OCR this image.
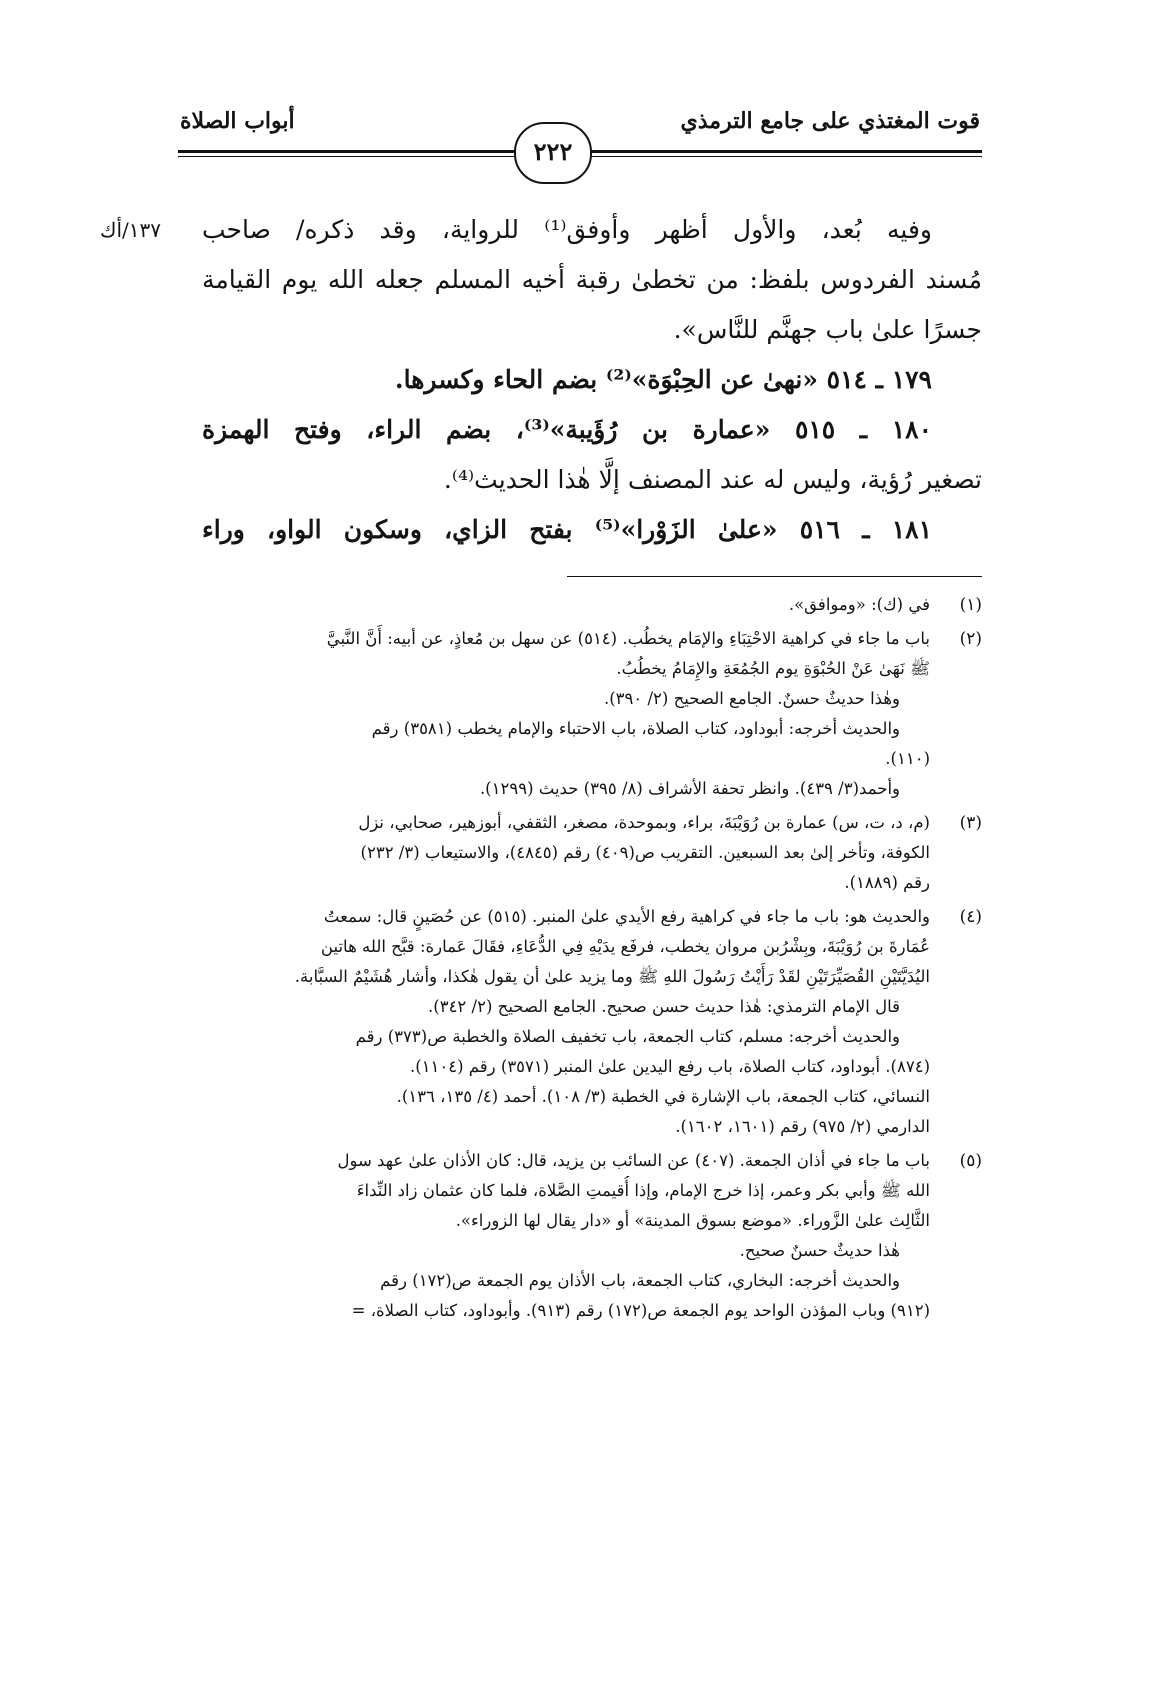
قوت المغتذي على جامع الترمذي
أبواب الصلاة
٢٢٢
١٣٧/أك وفيه بُعد، والأول أظهر وأوفق⁽¹⁾ للرواية، وقد ذكره/ صاحب
مُسند الفردوس بلفظ: من تخطىٰ رقبة أخيه المسلم جعله الله يوم القيامة
جسرًا علىٰ باب جهنَّم للنَّاس».
١٧٩ ـ ٥١٤ «نهىٰ عن الحِبْوَة»⁽²⁾ بضم الحاء وكسرها.
١٨٠ ـ ٥١٥ «عمارة بن رُؤَيبة»⁽³⁾، بضم الراء، وفتح الهمزة
تصغير رُؤية، وليس له عند المصنف إلَّا هٰذا الحديث⁽⁴⁾.
١٨١ ـ ٥١٦ «علىٰ الزَوْرا»⁽⁵⁾ بفتح الزاي، وسكون الواو، وراء
(١)
في (ك): «وموافق».
(٢)
باب ما جاء في كراهية الاحْتِبَاءِ والإمَام يخطُب. (٥١٤) عن سهل بن مُعاذٍ، عن أبيه: أَنَّ النَّبيَّ
ﷺ نَهَىٰ عَنْ الحُبْوَةِ يوم الجُمُعَةِ والإِمَامُ يخطُبُ.
وهٰذا حديثٌ حسنٌ. الجامع الصحيح (٢/ ٣٩٠).
والحديث أخرجه: أبوداود، كتاب الصلاة، باب الاحتباء والإمام يخطب (٣٥٨١) رقم
(١١٠).
وأحمد(٣/ ٤٣٩). وانظر تحفة الأشراف (٨/ ٣٩٥) حديث (١٢٩٩).
(٣)
(م، د، ت، س) عمارة بن رُوَيْبَةَ، براء، وبموحدة، مصغر، الثقفي، أبوزهير، صحابي، نزل
الكوفة، وتأخر إلىٰ بعد السبعين. التقريب ص(٤٠٩) رقم (٤٨٤٥)، والاستيعاب (٣/ ٢٣٢)
رقم (١٨٨٩).
(٤)
والحديث هو: باب ما جاء في كراهية رفع الأيدي علىٰ المنبر. (٥١٥) عن حُصَينٍ قال: سمعتُ
عُمَارةَ بن رُوَيْبَةَ، وبِشْرُبن مروان يخطب، فرفَع يدَيْهِ فِي الدُّعَاءِ، فقَالَ عَمارة: قبَّح الله هاتين
اليُدَيَّتَيْنِ القُصَيِّرَتَيْنِ لقَدْ رَأَيْتُ رَسُولَ اللهِ ﷺ وما يزيد علىٰ أن يقول هٰكذا، وأشار هُشَيْمٌ السبَّابة.
قال الإمام الترمذي: هٰذا حديث حسن صحيح. الجامع الصحيح (٢/ ٣٤٢).
والحديث أخرجه: مسلم، كتاب الجمعة، باب تخفيف الصلاة والخطبة ص(٣٧٣) رقم
(٨٧٤). أبوداود، كتاب الصلاة، باب رفع اليدين علىٰ المنبر (٣٥٧١) رقم (١١٠٤).
النسائي، كتاب الجمعة، باب الإشارة في الخطبة (٣/ ١٠٨). أحمد (٤/ ١٣٥، ١٣٦).
الدارمي (٢/ ٩٧٥) رقم (١٦٠١، ١٦٠٢).
(٥)
باب ما جاء في أذان الجمعة. (٤٠٧) عن السائب بن يزيد، قال: كان الأذان علىٰ عهد سول
الله ﷺ وأبي بكر وعمر، إذا خرج الإمام، وإذا أُقيمتِ الصَّلاة، فلما كان عثمان زاد النِّداءَ
الثَّالِث علىٰ الزَّوراء. «موضع بسوق المدينة» أو «دار يقال لها الزوراء».
هٰذا حديثٌ حسنٌ صحيح.
والحديث أخرجه: البخاري، كتاب الجمعة، باب الأذان يوم الجمعة ص(١٧٢) رقم
(٩١٢) وباب المؤذن الواحد يوم الجمعة ص(١٧٢) رقم (٩١٣). وأبوداود، كتاب الصلاة، =
